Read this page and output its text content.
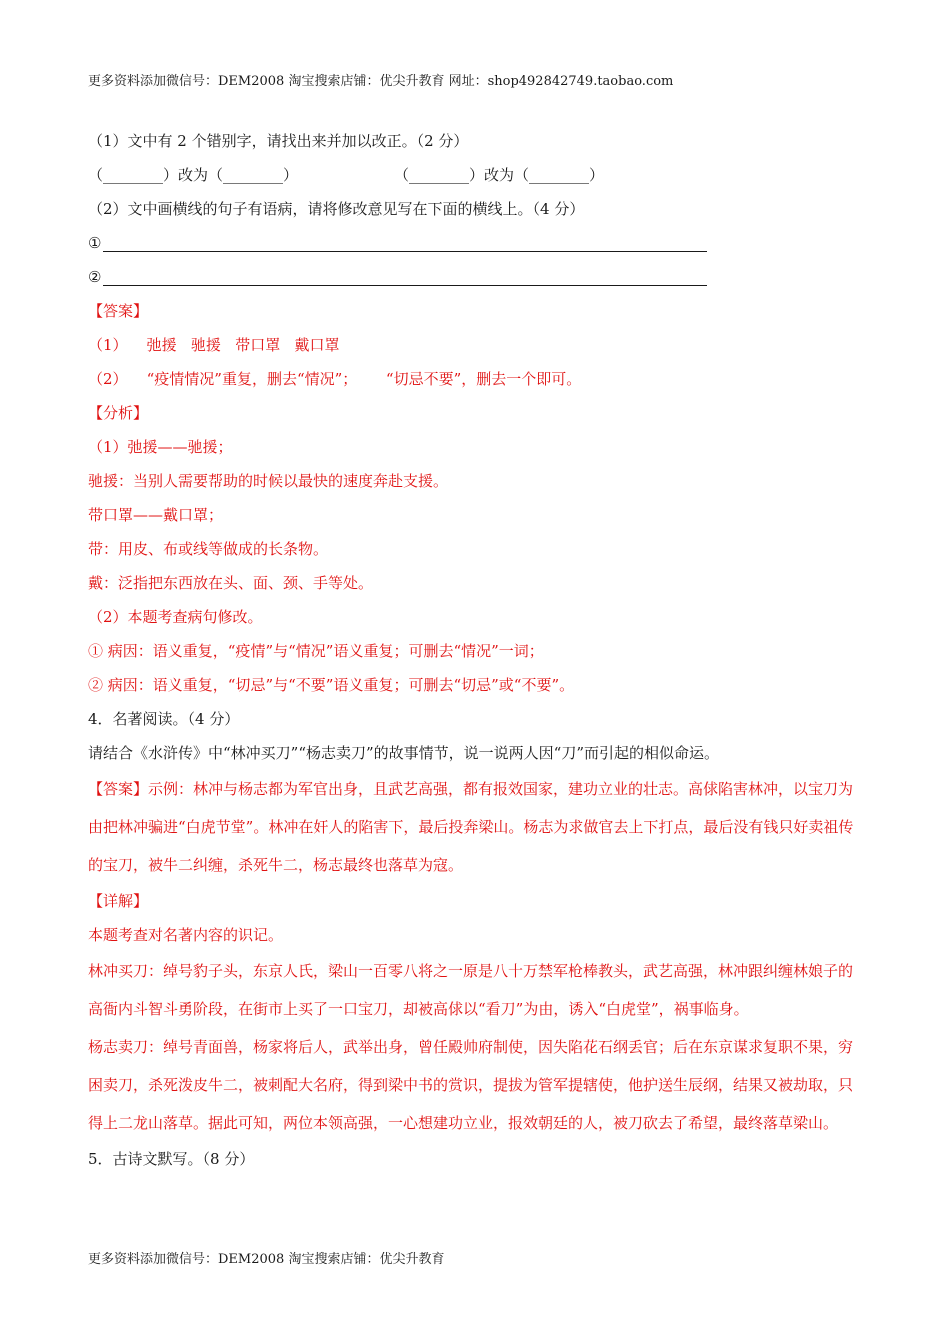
更多资料添加微信号：DEM2008 淘宝搜索店铺：优尖升教育 网址：shop492842749.taobao.com
（1）文中有 2 个错别字，请找出来并加以改正。（2 分）
（________）改为（________）	（________）改为（________）
（2）文中画横线的句子有语病，请将修改意见写在下面的横线上。（4 分）
①
②
【答案】
（1）    弛援   驰援   带口罩   戴口罩
（2）    “疫情情况”重复，删去“情况”；      “切忌不要”，删去一个即可。
【分析】
（1）弛援——驰援；
驰援：当别人需要帮助的时候以最快的速度奔赴支援。
带口罩——戴口罩；
带：用皮、布或线等做成的长条物。
戴：泛指把东西放在头、面、颈、手等处。
（2）本题考查病句修改。
① 病因：语义重复，“疫情”与“情况”语义重复；可删去“情况”一词；
② 病因：语义重复，“切忌”与“不要”语义重复；可删去“切忌”或“不要”。
4．名著阅读。（4 分）
请结合《水浒传》中“林冲买刀”“杨志卖刀”的故事情节，说一说两人因“刀”而引起的相似命运。
【答案】示例：林冲与杨志都为军官出身，且武艺高强，都有报效国家，建功立业的壮志。高俅陷害林冲，以宝刀为由把林冲骗进“白虎节堂”。林冲在奸人的陷害下，最后投奔梁山。杨志为求做官去上下打点，最后没有钱只好卖祖传的宝刀，被牛二纠缠，杀死牛二，杨志最终也落草为寇。
【详解】
本题考查对名著内容的识记。
林冲买刀：绰号豹子头，东京人氏，梁山一百零八将之一原是八十万禁军枪棒教头，武艺高强，林冲跟纠缠林娘子的高衙内斗智斗勇阶段，在街市上买了一口宝刀，却被高俅以“看刀”为由，诱入“白虎堂”，祸事临身。
杨志卖刀：绰号青面兽，杨家将后人，武举出身，曾任殿帅府制使，因失陷花石纲丢官；后在东京谋求复职不果，穷困卖刀，杀死泼皮牛二，被刺配大名府，得到梁中书的赏识，提拔为管军提辖使，他护送生辰纲，结果又被劫取，只得上二龙山落草。据此可知，两位本领高强，一心想建功立业，报效朝廷的人，被刀砍去了希望，最终落草梁山。
5．古诗文默写。（8 分）
更多资料添加微信号：DEM2008 淘宝搜索店铺：优尖升教育
